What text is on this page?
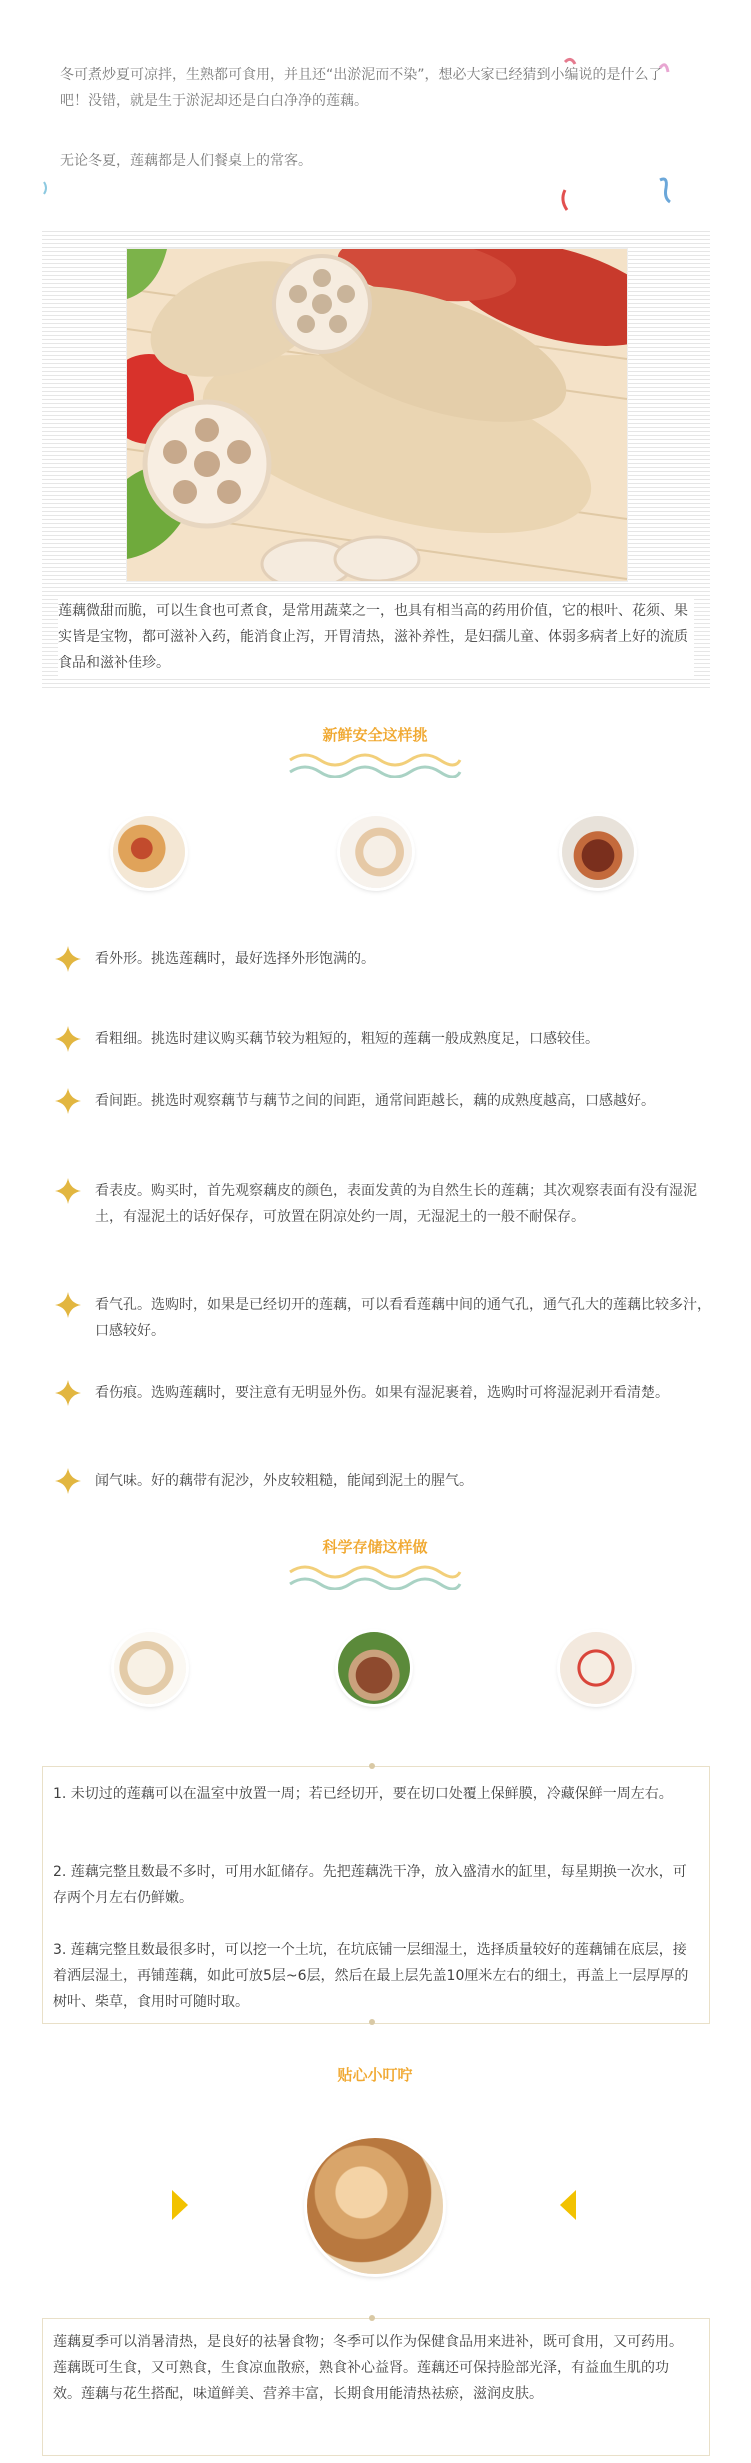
冬可煮炒夏可凉拌，生熟都可食用，并且还“出淤泥而不染”，想必大家已经猜到小编说的是什么了吧！没错，就是生于淤泥却还是白白净净的莲藕。
无论冬夏，莲藕都是人们餐桌上的常客。
莲藕微甜而脆，可以生食也可煮食，是常用蔬菜之一，也具有相当高的药用价值，它的根叶、花须、果实皆是宝物，都可滋补入药，能消食止泻，开胃清热，滋补养性，是妇孺儿童、体弱多病者上好的流质食品和滋补佳珍。
新鲜安全这样挑
看外形。挑选莲藕时，最好选择外形饱满的。
看粗细。挑选时建议购买藕节较为粗短的，粗短的莲藕一般成熟度足，口感较佳。
看间距。挑选时观察藕节与藕节之间的间距，通常间距越长，藕的成熟度越高，口感越好。
看表皮。购买时，首先观察藕皮的颜色，表面发黄的为自然生长的莲藕；其次观察表面有没有湿泥土，有湿泥土的话好保存，可放置在阴凉处约一周，无湿泥土的一般不耐保存。
看气孔。选购时，如果是已经切开的莲藕，可以看看莲藕中间的通气孔，通气孔大的莲藕比较多汁，口感较好。
看伤痕。选购莲藕时，要注意有无明显外伤。如果有湿泥裹着，选购时可将湿泥剥开看清楚。
闻气味。好的藕带有泥沙，外皮较粗糙，能闻到泥土的腥气。
科学存储这样做
1. 未切过的莲藕可以在温室中放置一周；若已经切开，要在切口处覆上保鲜膜，冷藏保鲜一周左右。
2. 莲藕完整且数最不多时，可用水缸储存。先把莲藕洗干净，放入盛清水的缸里，每星期换一次水，可存两个月左右仍鲜嫩。
3. 莲藕完整且数最很多时，可以挖一个土坑，在坑底铺一层细湿土，选择质量较好的莲藕铺在底层，接着洒层湿土，再铺莲藕，如此可放5层~6层，然后在最上层先盖10厘米左右的细土，再盖上一层厚厚的树叶、柴草，食用时可随时取。
贴心小叮咛
莲藕夏季可以消暑清热，是良好的祛暑食物；冬季可以作为保健食品用来进补，既可食用，又可药用。莲藕既可生食，又可熟食，生食凉血散瘀，熟食补心益肾。莲藕还可保持脸部光泽，有益血生肌的功效。莲藕与花生搭配，味道鲜美、营养丰富，长期食用能清热祛瘀，滋润皮肤。
